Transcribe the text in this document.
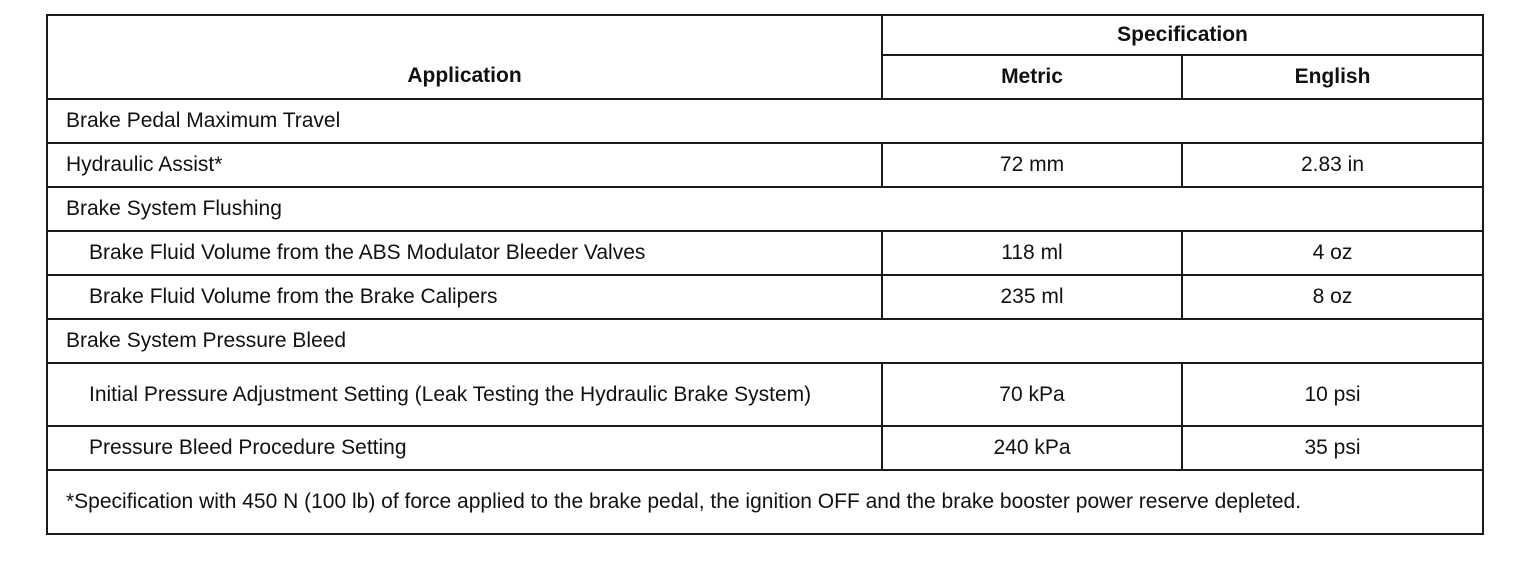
Application	Specification	
	Metric	English
Brake Pedal Maximum Travel		
Hydraulic Assist*	72 mm	2.83 in
Brake System Flushing		
Brake Fluid Volume from the ABS Modulator Bleeder Valves	118 ml	4 oz
Brake Fluid Volume from the Brake Calipers	235 ml	8 oz
Brake System Pressure Bleed		
Initial Pressure Adjustment Setting (Leak Testing the Hydraulic Brake System)	70 kPa	10 psi
Pressure Bleed Procedure Setting	240 kPa	35 psi
*Specification with 450 N (100 lb) of force applied to the brake pedal, the ignition OFF and the brake booster power reserve depleted.		
